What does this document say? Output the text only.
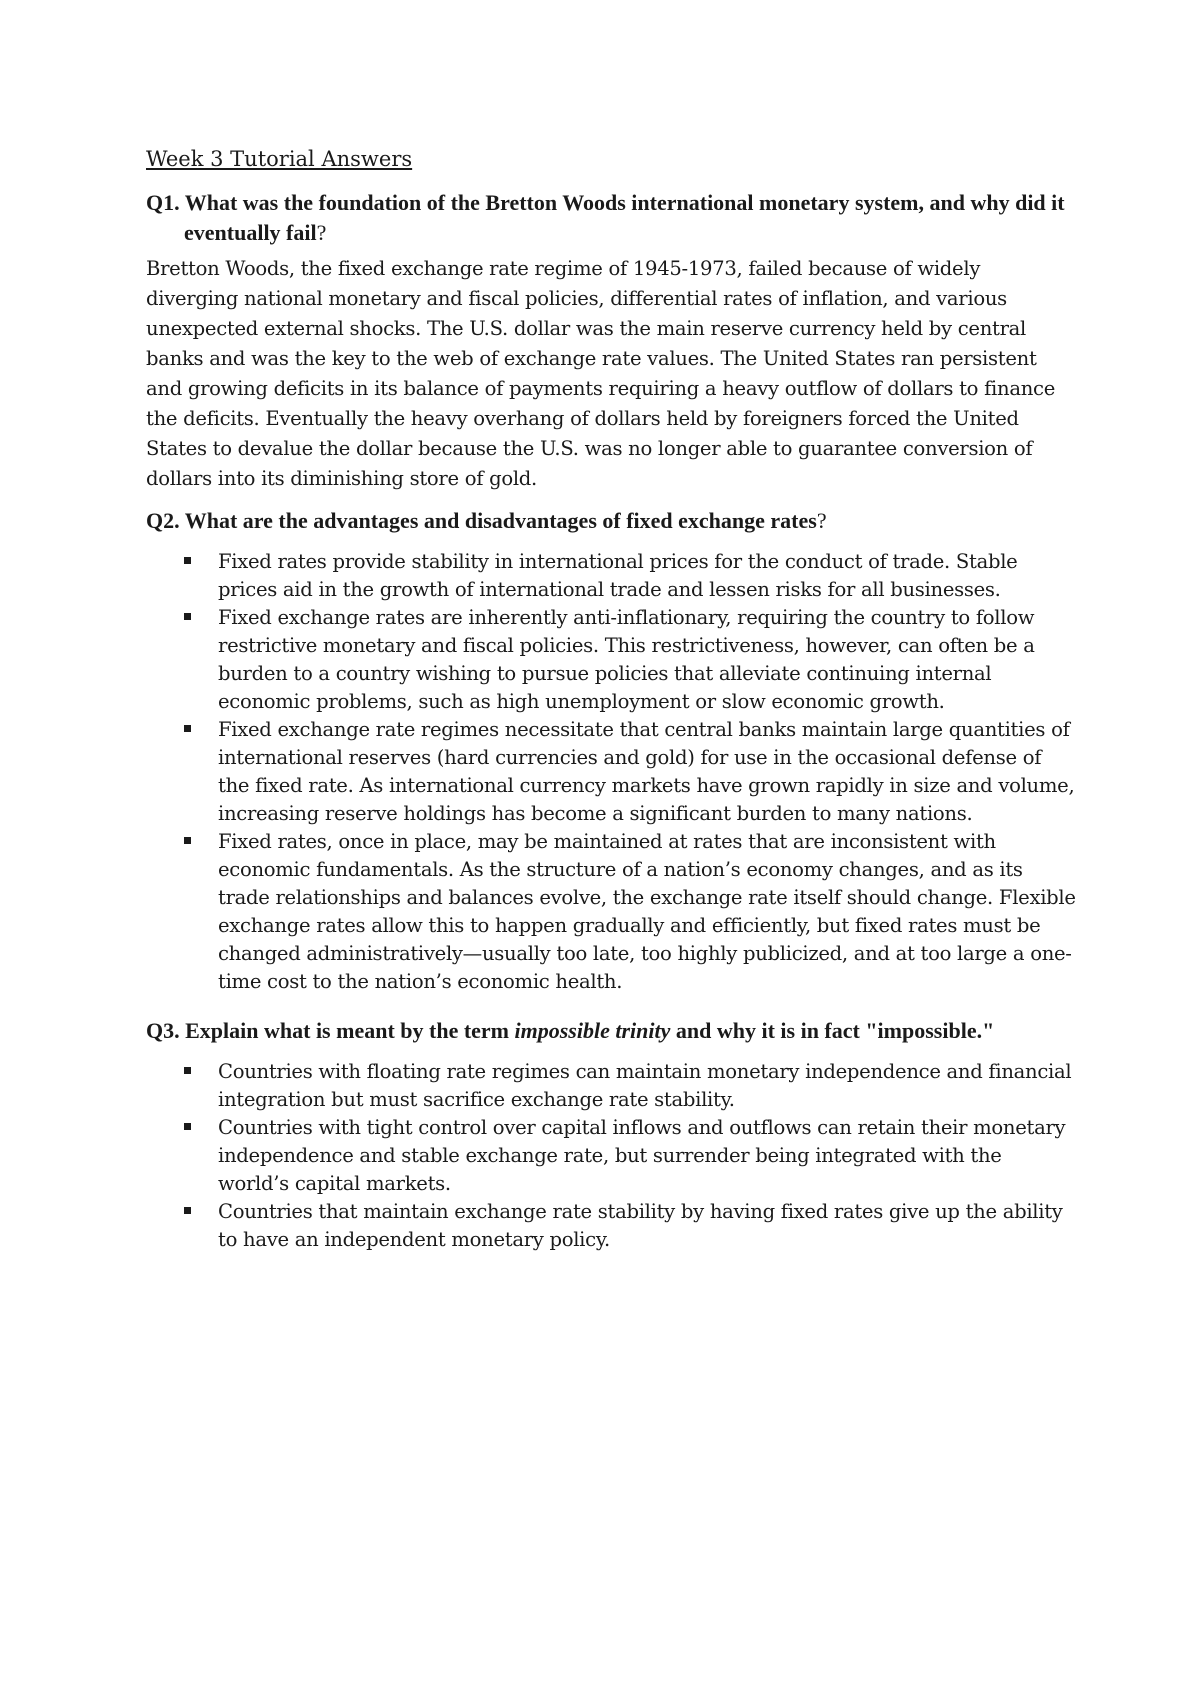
Week 3 Tutorial Answers

Q1. What was the foundation of the Bretton Woods international monetary system, and why did it eventually fail?

Bretton Woods, the fixed exchange rate regime of 1945-1973, failed because of widely diverging national monetary and fiscal policies, differential rates of inflation, and various unexpected external shocks. The U.S. dollar was the main reserve currency held by central banks and was the key to the web of exchange rate values. The United States ran persistent and growing deficits in its balance of payments requiring a heavy outflow of dollars to finance the deficits. Eventually the heavy overhang of dollars held by foreigners forced the United States to devalue the dollar because the U.S. was no longer able to guarantee conversion of dollars into its diminishing store of gold.

Q2. What are the advantages and disadvantages of fixed exchange rates?

Fixed rates provide stability in international prices for the conduct of trade. Stable prices aid in the growth of international trade and lessen risks for all businesses.
Fixed exchange rates are inherently anti-inflationary, requiring the country to follow restrictive monetary and fiscal policies. This restrictiveness, however, can often be a burden to a country wishing to pursue policies that alleviate continuing internal economic problems, such as high unemployment or slow economic growth.
Fixed exchange rate regimes necessitate that central banks maintain large quantities of international reserves (hard currencies and gold) for use in the occasional defense of the fixed rate. As international currency markets have grown rapidly in size and volume, increasing reserve holdings has become a significant burden to many nations.
Fixed rates, once in place, may be maintained at rates that are inconsistent with economic fundamentals. As the structure of a nation’s economy changes, and as its trade relationships and balances evolve, the exchange rate itself should change. Flexible exchange rates allow this to happen gradually and efficiently, but fixed rates must be changed administratively—usually too late, too highly publicized, and at too large a one-time cost to the nation’s economic health.

Q3. Explain what is meant by the term impossible trinity and why it is in fact "impossible."

Countries with floating rate regimes can maintain monetary independence and financial integration but must sacrifice exchange rate stability.
Countries with tight control over capital inflows and outflows can retain their monetary independence and stable exchange rate, but surrender being integrated with the world’s capital markets.
Countries that maintain exchange rate stability by having fixed rates give up the ability to have an independent monetary policy.
